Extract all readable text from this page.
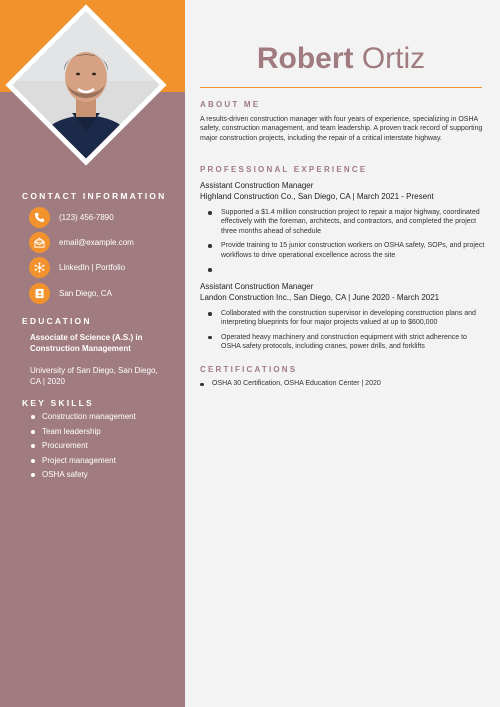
CONTACT INFORMATION
(123) 456-7890
email@example.com
LinkedIn | Portfolio
San Diego, CA
EDUCATION
Associate of Science (A.S.) in Construction Management
University of San Diego, San Diego, CA | 2020
KEY SKILLS
Construction management
Team leadership
Procurement
Project management
OSHA safety
Robert Ortiz
ABOUT ME
A results-driven construction manager with four years of experience, specializing in OSHA safety, construction management, and team leadership. A proven track record of supporting major construction projects, including the repair of a critical interstate highway.
PROFESSIONAL EXPERIENCE
Assistant Construction Manager
Highland Construction Co., San Diego, CA | March 2021 - Present
Supported a $1.4 million construction project to repair a major highway, coordinated effectively with the foreman, architects, and contractors, and completed the project three months ahead of schedule
Provide training to 15 junior construction workers on OSHA safety, SOPs, and project workflows to drive operational excellence across the site
Assistant Construction Manager
Landon Construction Inc., San Diego, CA | June 2020 - March 2021
Collaborated with the construction supervisor in developing construction plans and interpreting blueprints for four major projects valued at up to $600,000
Operated heavy machinery and construction equipment with strict adherence to OSHA safety protocols, including cranes, power drills, and forklifts
CERTIFICATIONS
OSHA 30 Certification, OSHA Education Center | 2020
